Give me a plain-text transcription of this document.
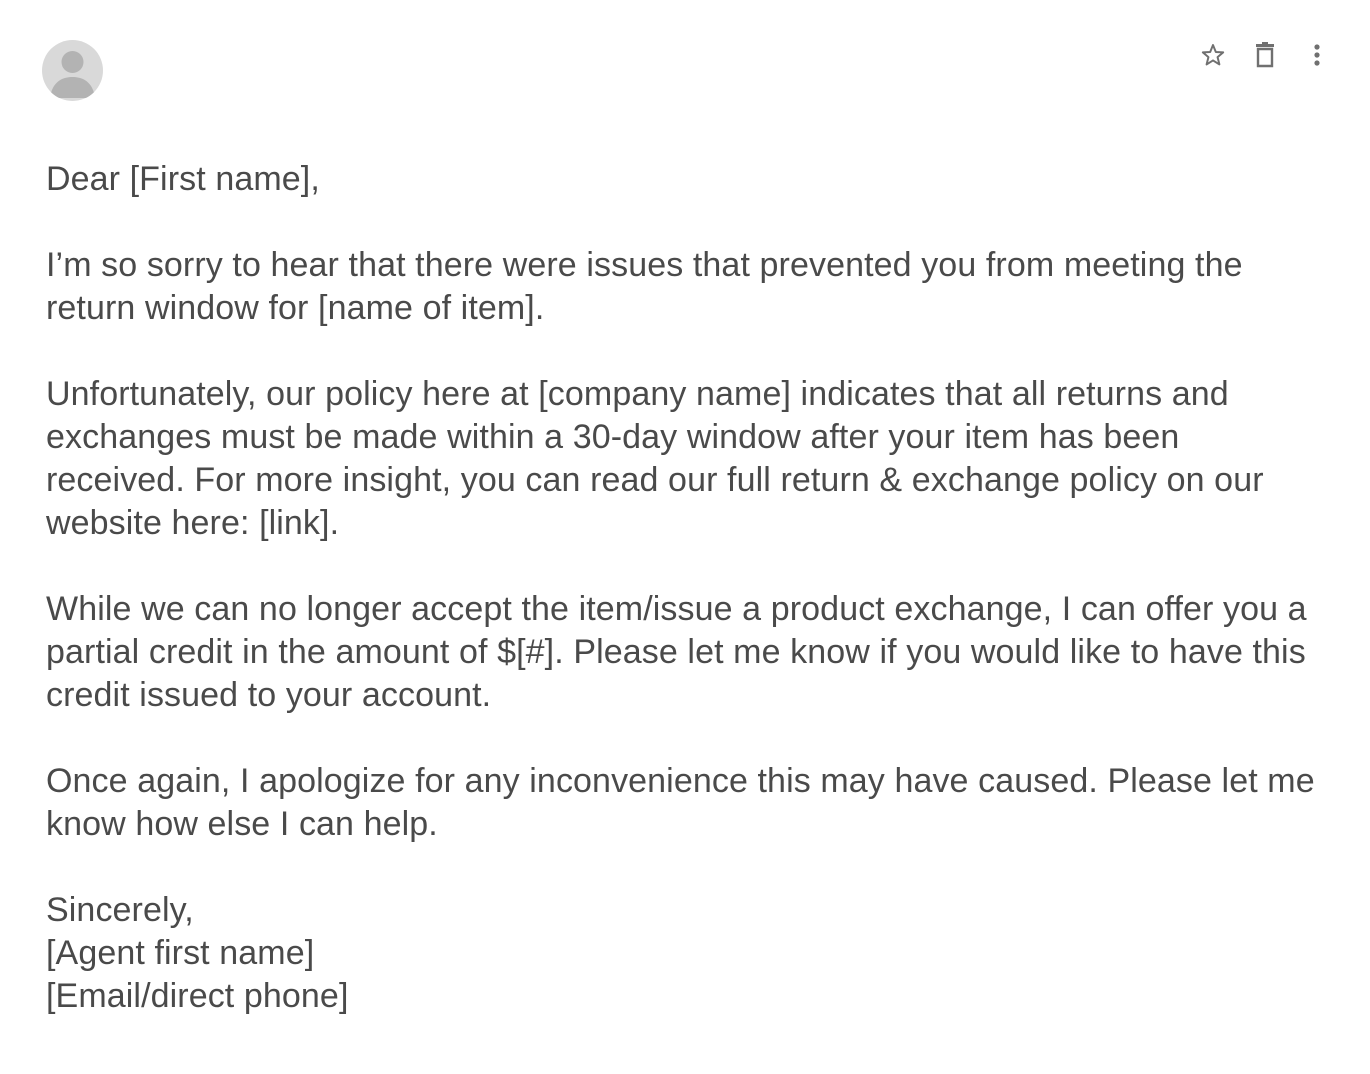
Dear [First name],

I’m so sorry to hear that there were issues that prevented you from meeting the return window for [name of item].

Unfortunately, our policy here at [company name] indicates that all returns and exchanges must be made within a 30-day window after your item has been received. For more insight, you can read our full return & exchange policy on our website here: [link].

While we can no longer accept the item/issue a product exchange, I can offer you a partial credit in the amount of $[#]. Please let me know if you would like to have this credit issued to your account.

Once again, I apologize for any inconvenience this may have caused. Please let me know how else I can help.

Sincerely,

[Agent first name]

[Email/direct phone]
